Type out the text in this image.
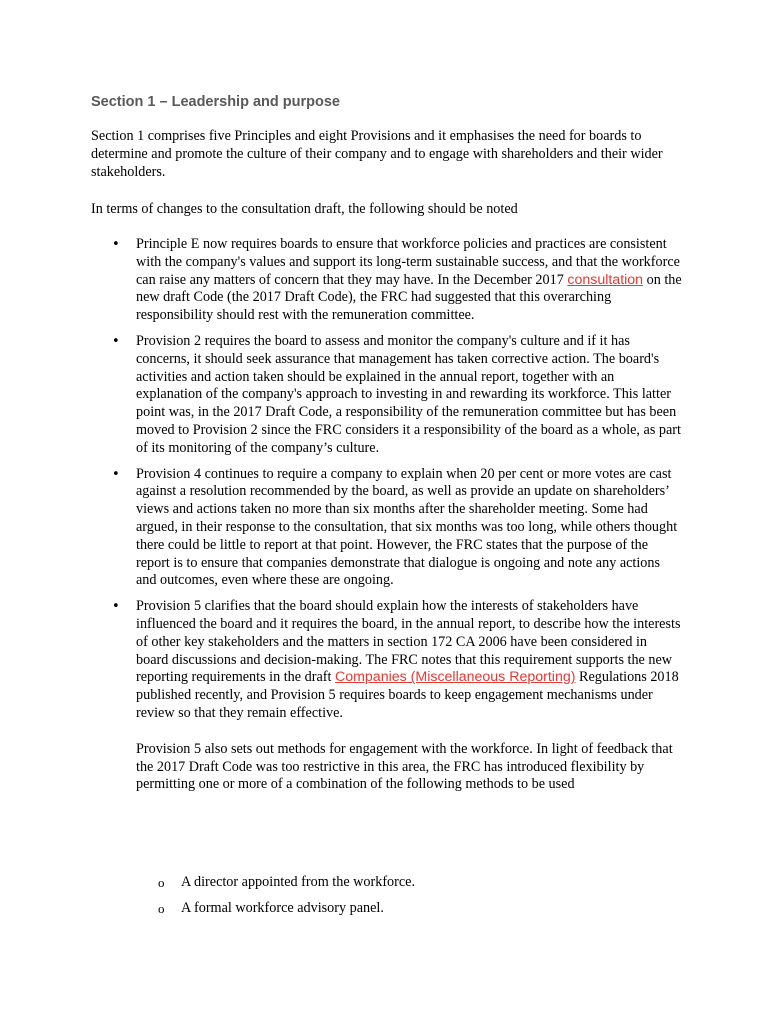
Section 1 – Leadership and purpose

Section 1 comprises five Principles and eight Provisions and it emphasises the need for boards to determine and promote the culture of their company and to engage with shareholders and their wider stakeholders.

In terms of changes to the consultation draft, the following should be noted

• Principle E now requires boards to ensure that workforce policies and practices are consistent with the company's values and support its long-term sustainable success, and that the workforce can raise any matters of concern that they may have. In the December 2017 consultation on the new draft Code (the 2017 Draft Code), the FRC had suggested that this overarching responsibility should rest with the remuneration committee.
• Provision 2 requires the board to assess and monitor the company's culture and if it has concerns, it should seek assurance that management has taken corrective action. The board's activities and action taken should be explained in the annual report, together with an explanation of the company's approach to investing in and rewarding its workforce. This latter point was, in the 2017 Draft Code, a responsibility of the remuneration committee but has been moved to Provision 2 since the FRC considers it a responsibility of the board as a whole, as part of its monitoring of the company’s culture.
• Provision 4 continues to require a company to explain when 20 per cent or more votes are cast against a resolution recommended by the board, as well as provide an update on shareholders’ views and actions taken no more than six months after the shareholder meeting. Some had argued, in their response to the consultation, that six months was too long, while others thought there could be little to report at that point. However, the FRC states that the purpose of the report is to ensure that companies demonstrate that dialogue is ongoing and note any actions and outcomes, even where these are ongoing.
• Provision 5 clarifies that the board should explain how the interests of stakeholders have influenced the board and it requires the board, in the annual report, to describe how the interests of other key stakeholders and the matters in section 172 CA 2006 have been considered in board discussions and decision-making. The FRC notes that this requirement supports the new reporting requirements in the draft Companies (Miscellaneous Reporting) Regulations 2018 published recently, and Provision 5 requires boards to keep engagement mechanisms under review so that they remain effective.
Provision 5 also sets out methods for engagement with the workforce. In light of feedback that the 2017 Draft Code was too restrictive in this area, the FRC has introduced flexibility by permitting one or more of a combination of the following methods to be used
o A director appointed from the workforce.
o A formal workforce advisory panel.
